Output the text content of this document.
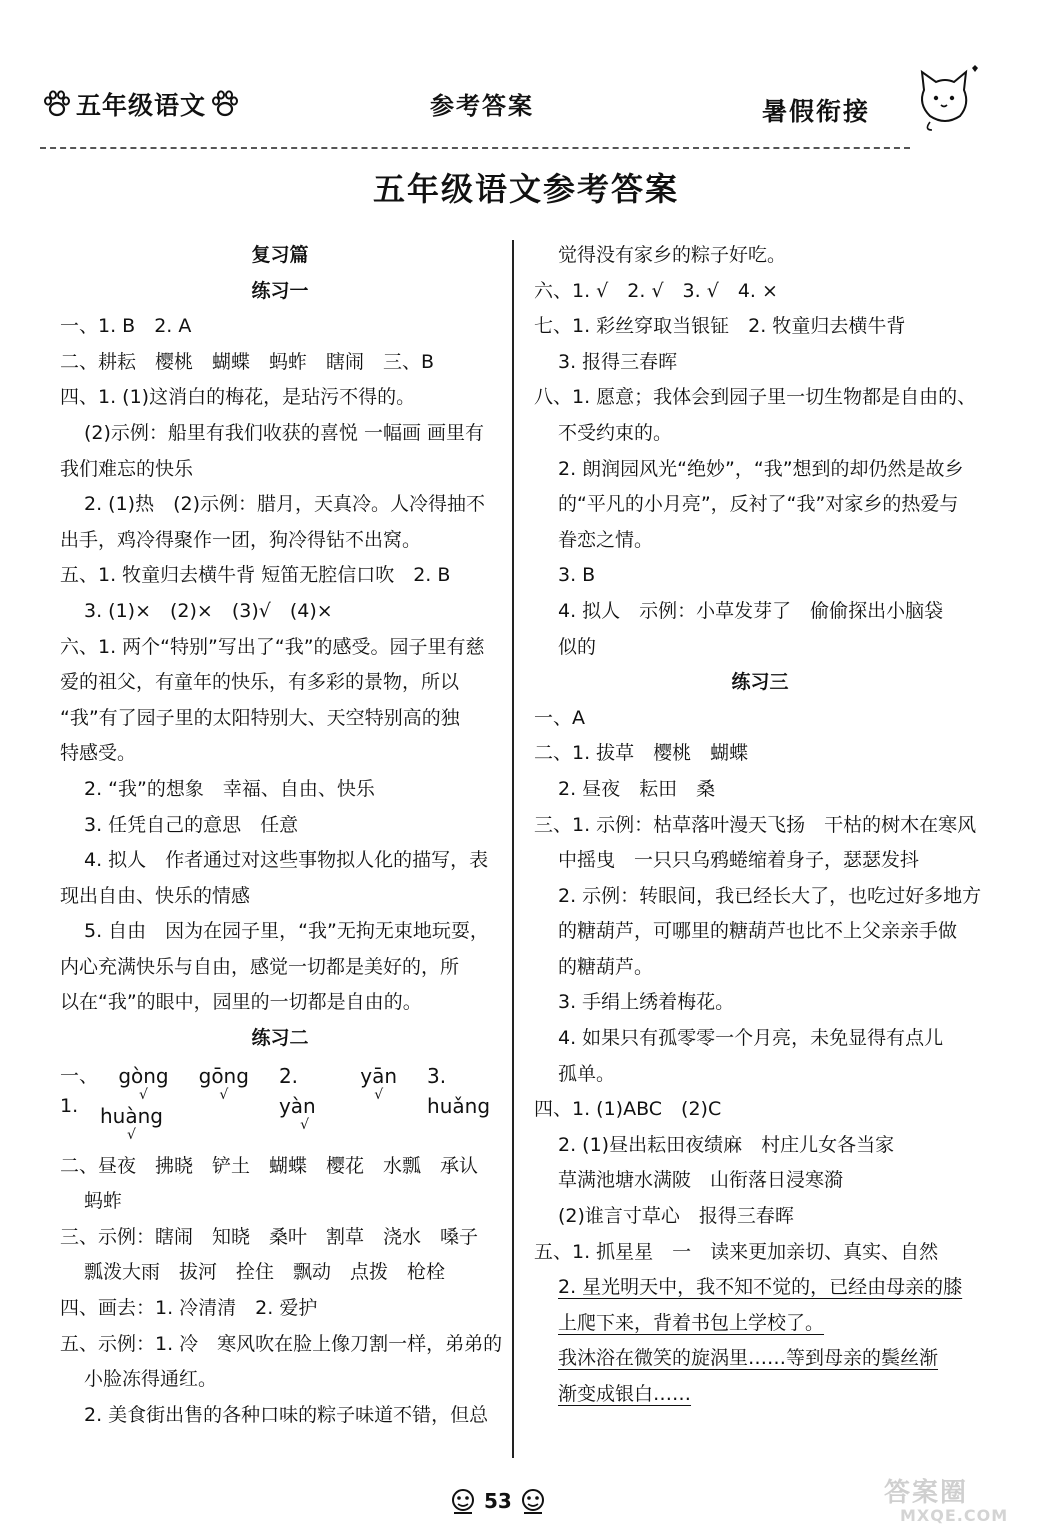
五年级语文	参考答案	暑假衔接
五年级语文参考答案
复习篇
练习一
一、1. B　2. A
二、耕耘　樱桃　蝴蝶　蚂蚱　瞎闹　三、B
四、1. (1)这消白的梅花，是玷污不得的。
(2)示例：船里有我们收获的喜悦 一幅画 画里有
我们难忘的快乐
2. (1)热　(2)示例：腊月，天真冷。人冷得抽不
出手，鸡冷得聚作一团，狗冷得钻不出窝。
五、1. 牧童归去横牛背 短笛无腔信口吹　2. B
3. (1)×　(2)×　(3)√　(4)×
六、1. 两个“特别”写出了“我”的感受。园子里有慈
爱的祖父，有童年的快乐，有多彩的景物，所以
“我”有了园子里的太阳特别大、天空特别高的独
特感受。
2. “我”的想象　幸福、自由、快乐
3. 任凭自己的意思　任意
4. 拟人　作者通过对这些事物拟人化的描写，表
现出自由、快乐的情感
5. 自由　因为在园子里，“我”无拘无束地玩耍，
内心充满快乐与自由，感觉一切都是美好的，所
以在“我”的眼中，园里的一切都是自由的。
练习二
一、1.
gòng
√
gōng
√
2. yàn
√
yān
√
3. huǎng
huàng
√
二、昼夜　拂晓　铲土　蝴蝶　樱花　水瓢　承认
蚂蚱
三、示例：瞎闹　知晓　桑叶　割草　浇水　嗓子
瓢泼大雨　拔河　拴住　飘动　点拨　枪栓
四、画去：1. 冷清清　2. 爱护
五、示例：1. 冷　寒风吹在脸上像刀割一样，弟弟的
小脸冻得通红。
2. 美食街出售的各种口味的粽子味道不错，但总
觉得没有家乡的粽子好吃。
六、1. √　2. √　3. √　4. ×
七、1. 彩丝穿取当银钲　2. 牧童归去横牛背
3. 报得三春晖
八、1. 愿意；我体会到园子里一切生物都是自由的、
不受约束的。
2. 朗润园风光“绝妙”，“我”想到的却仍然是故乡
的“平凡的小月亮”，反衬了“我”对家乡的热爱与
眷恋之情。
3. B
4. 拟人　示例：小草发芽了　偷偷探出小脑袋
似的
练习三
一、A
二、1. 拔草　樱桃　蝴蝶
2. 昼夜　耘田　桑
三、1. 示例：枯草落叶漫天飞扬　干枯的树木在寒风
中摇曳　一只只乌鸦蜷缩着身子，瑟瑟发抖
2. 示例：转眼间，我已经长大了，也吃过好多地方
的糖葫芦，可哪里的糖葫芦也比不上父亲亲手做
的糖葫芦。
3. 手绢上绣着梅花。
4. 如果只有孤零零一个月亮，未免显得有点儿
孤单。
四、1. (1)ABC　(2)C
2. (1)昼出耘田夜绩麻　村庄儿女各当家
草满池塘水满陂　山衔落日浸寒漪
(2)谁言寸草心　报得三春晖
五、1. 抓星星　一　读来更加亲切、真实、自然
2. 星光明天中，我不知不觉的，已经由母亲的膝
上爬下来，背着书包上学校了。
我沐浴在微笑的旋涡里……等到母亲的鬓丝渐
渐变成银白……
53	答案圈
MXQE.COM
